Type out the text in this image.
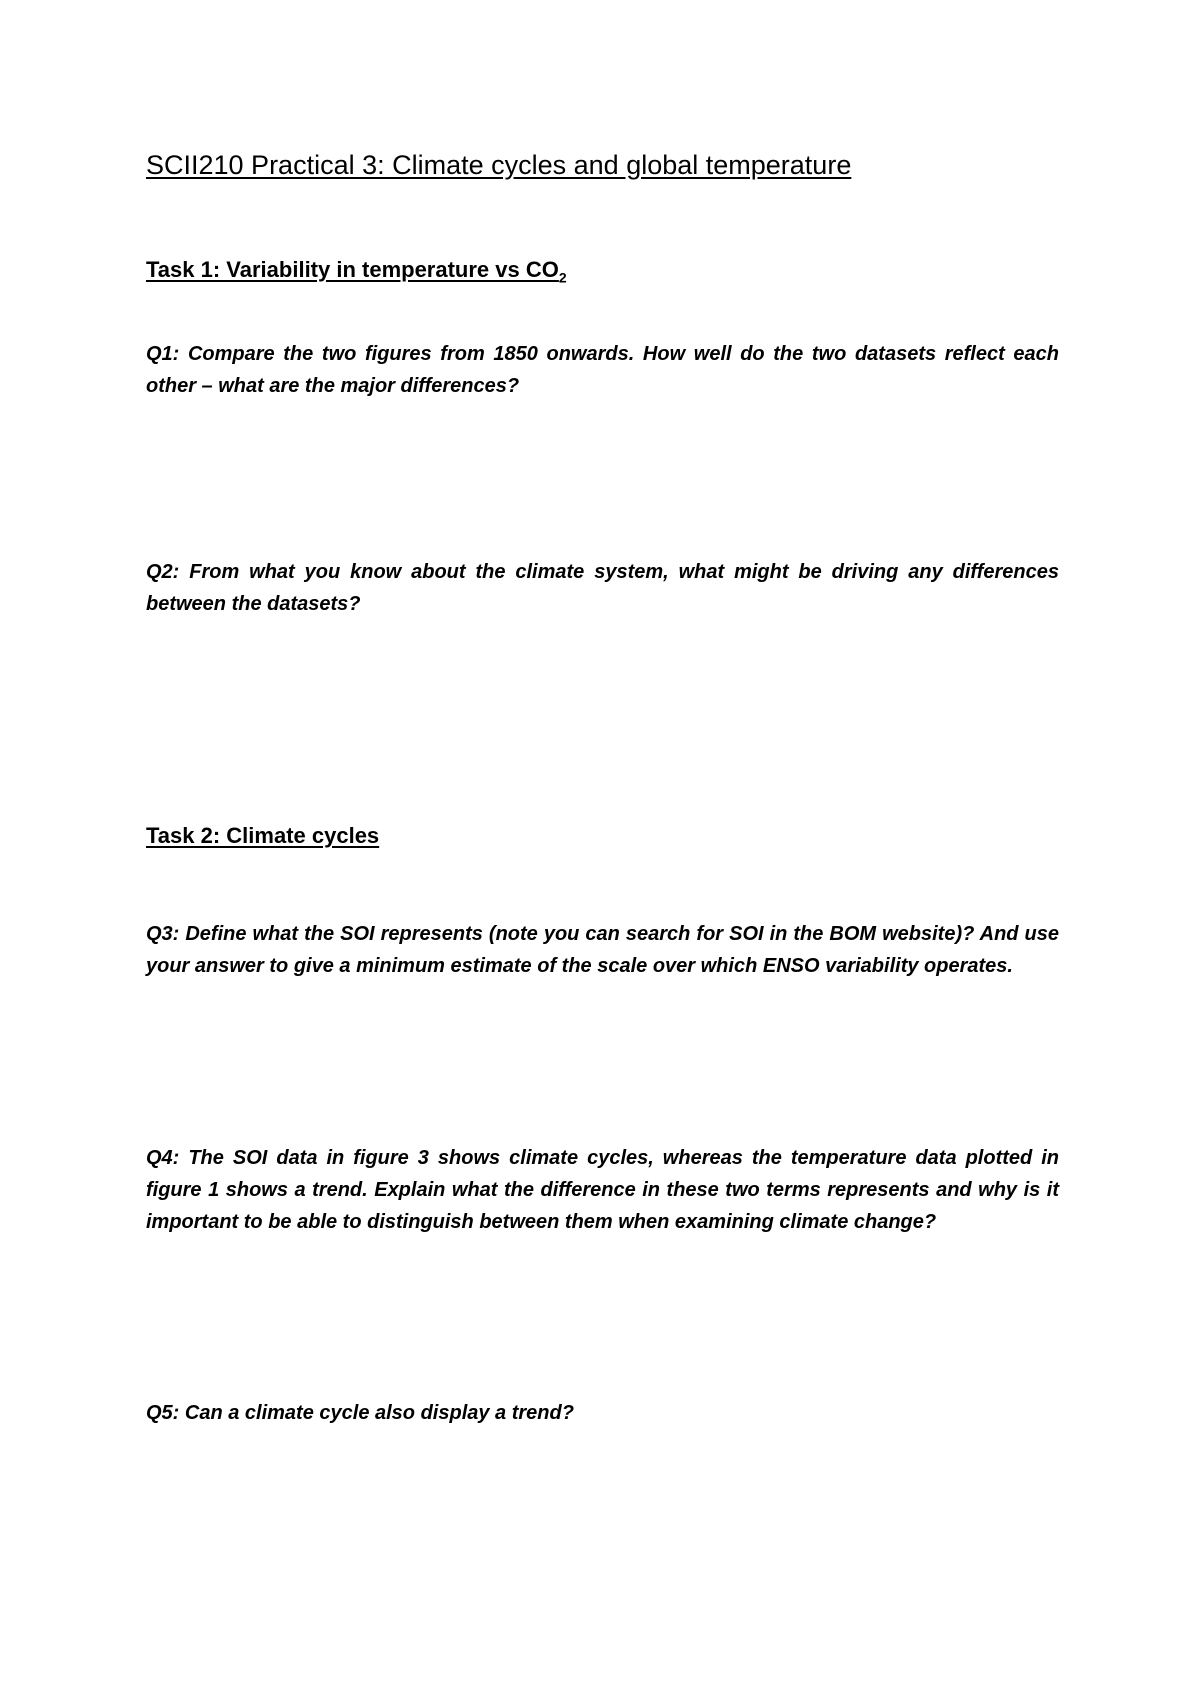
SCII210 Practical 3: Climate cycles and global temperature
Task 1: Variability in temperature vs $CO_2$

Q1: Compare the two figures from 1850 onwards. How well do the two datasets reflect each other – what are the major differences?

Q2: From what you know about the climate system, what might be driving any differences between the datasets?

Task 2: Climate cycles

Q3: Define what the SOI represents (note you can search for SOI in the BOM website)? And use your answer to give a minimum estimate of the scale over which ENSO variability operates.

Q4: The SOI data in figure 3 shows climate cycles, whereas the temperature data plotted in figure 1 shows a trend. Explain what the difference in these two terms represents and why is it important to be able to distinguish between them when examining climate change?

Q5: Can a climate cycle also display a trend?
